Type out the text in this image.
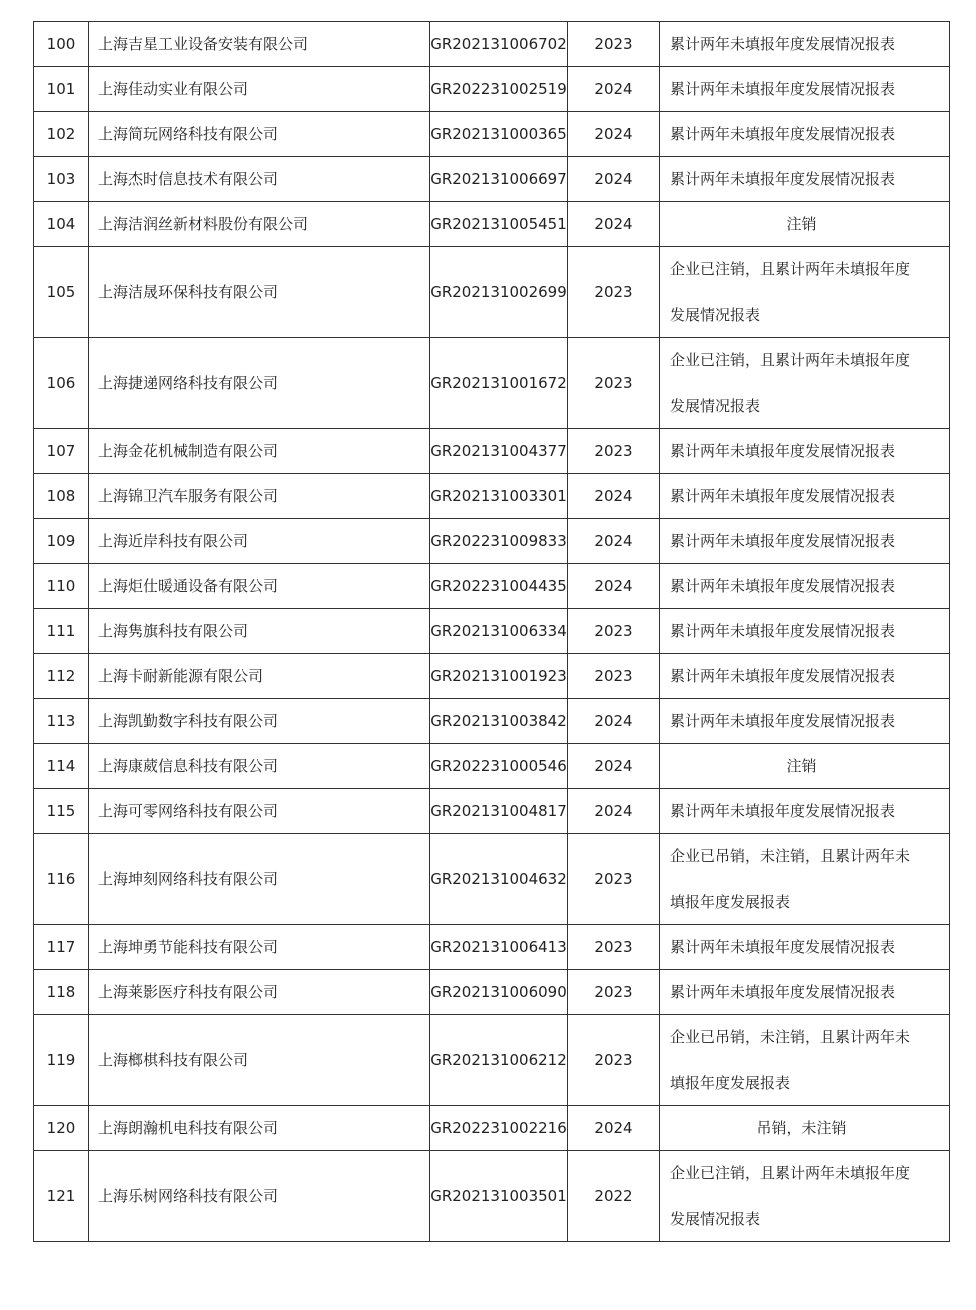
100	上海吉星工业设备安装有限公司	GR202131006702	2023	累计两年未填报年度发展情况报表

101	上海佳动实业有限公司	GR202231002519	2024	累计两年未填报年度发展情况报表

102	上海简玩网络科技有限公司	GR202131000365	2024	累计两年未填报年度发展情况报表

103	上海杰时信息技术有限公司	GR202131006697	2024	累计两年未填报年度发展情况报表

104	上海洁润丝新材料股份有限公司	GR202131005451	2024	注销

105	上海洁晟环保科技有限公司	GR202131002699	2023	企业已注销，且累计两年未填报年度
发展情况报表

106	上海捷递网络科技有限公司	GR202131001672	2023	企业已注销，且累计两年未填报年度
发展情况报表

107	上海金花机械制造有限公司	GR202131004377	2023	累计两年未填报年度发展情况报表

108	上海锦卫汽车服务有限公司	GR202131003301	2024	累计两年未填报年度发展情况报表

109	上海近岸科技有限公司	GR202231009833	2024	累计两年未填报年度发展情况报表

110	上海炬仕暖通设备有限公司	GR202231004435	2024	累计两年未填报年度发展情况报表

111	上海隽旗科技有限公司	GR202131006334	2023	累计两年未填报年度发展情况报表

112	上海卡耐新能源有限公司	GR202131001923	2023	累计两年未填报年度发展情况报表

113	上海凯勤数字科技有限公司	GR202131003842	2024	累计两年未填报年度发展情况报表

114	上海康葳信息科技有限公司	GR202231000546	2024	注销

115	上海可零网络科技有限公司	GR202131004817	2024	累计两年未填报年度发展情况报表

116	上海坤刻网络科技有限公司	GR202131004632	2023	企业已吊销，未注销，且累计两年未
填报年度发展报表

117	上海坤勇节能科技有限公司	GR202131006413	2023	累计两年未填报年度发展情况报表

118	上海莱影医疗科技有限公司	GR202131006090	2023	累计两年未填报年度发展情况报表

119	上海榔棋科技有限公司	GR202131006212	2023	企业已吊销，未注销，且累计两年未
填报年度发展报表

120	上海朗瀚机电科技有限公司	GR202231002216	2024	吊销，未注销

121	上海乐树网络科技有限公司	GR202131003501	2022	企业已注销，且累计两年未填报年度
发展情况报表
